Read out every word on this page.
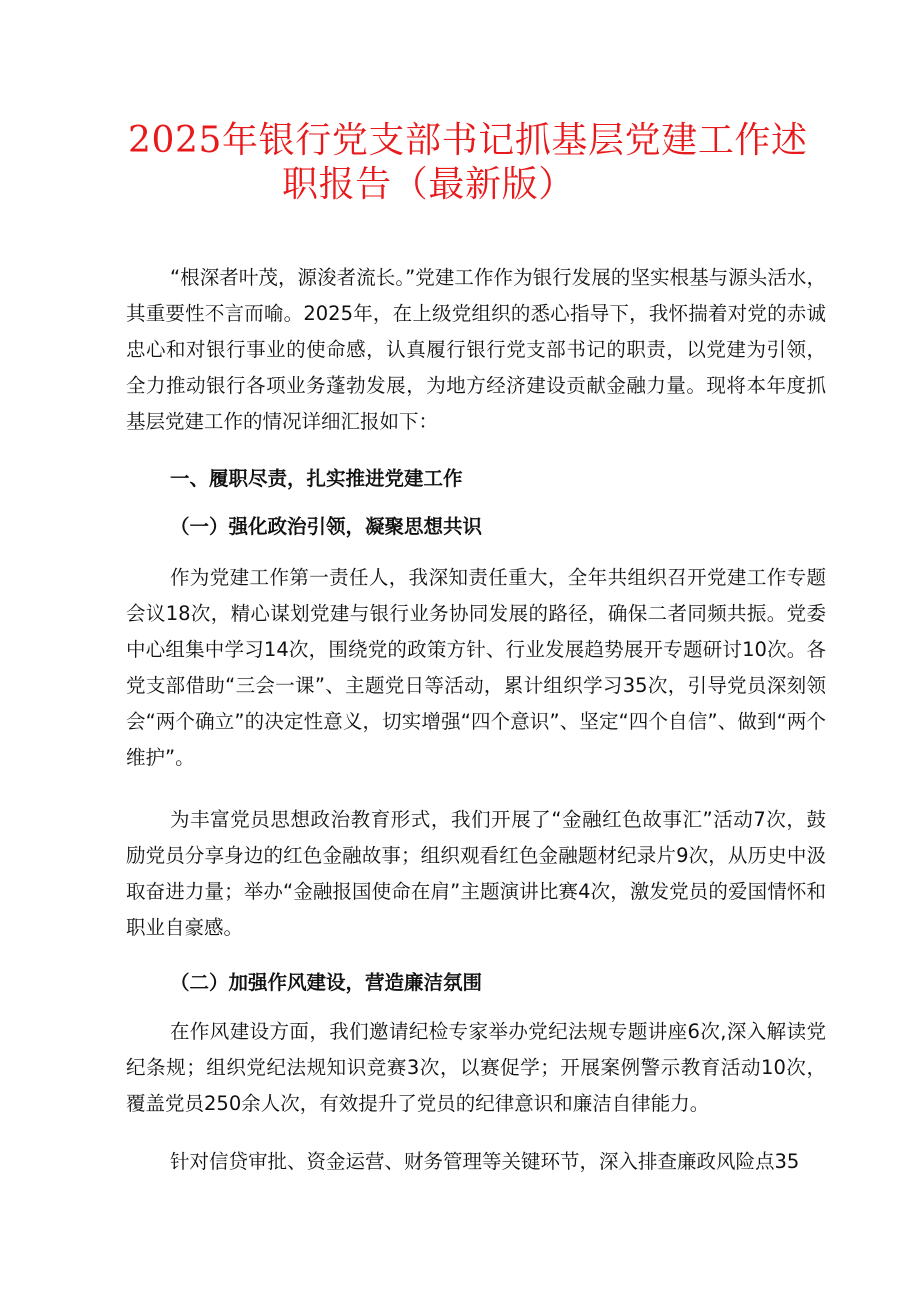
2025年银行党支部书记抓基层党建工作述
职报告（最新版）

“根深者叶茂，源浚者流长。”党建工作作为银行发展的坚实根基与源头活水，其重要性不言而喻。2025年，在上级党组织的悉心指导下，我怀揣着对党的赤诚忠心和对银行事业的使命感，认真履行银行党支部书记的职责，以党建为引领，全力推动银行各项业务蓬勃发展，为地方经济建设贡献金融力量。现将本年度抓基层党建工作的情况详细汇报如下：

一、履职尽责，扎实推进党建工作

（一）强化政治引领，凝聚思想共识

作为党建工作第一责任人，我深知责任重大，全年共组织召开党建工作专题会议18次，精心谋划党建与银行业务协同发展的路径，确保二者同频共振。党委中心组集中学习14次，围绕党的政策方针、行业发展趋势展开专题研讨10次。各党支部借助“三会一课”、主题党日等活动，累计组织学习35次，引导党员深刻领会“两个确立”的决定性意义，切实增强“四个意识”、坚定“四个自信”、做到“两个维护”。

为丰富党员思想政治教育形式，我们开展了“金融红色故事汇”活动7次，鼓励党员分享身边的红色金融故事；组织观看红色金融题材纪录片9次，从历史中汲取奋进力量；举办“金融报国使命在肩”主题演讲比赛4次，激发党员的爱国情怀和职业自豪感。

（二）加强作风建设，营造廉洁氛围

在作风建设方面，我们邀请纪检专家举办党纪法规专题讲座6次,深入解读党纪条规；组织党纪法规知识竞赛3次，以赛促学；开展案例警示教育活动10次，覆盖党员250余人次，有效提升了党员的纪律意识和廉洁自律能力。

针对信贷审批、资金运营、财务管理等关键环节，深入排查廉政风险点35
